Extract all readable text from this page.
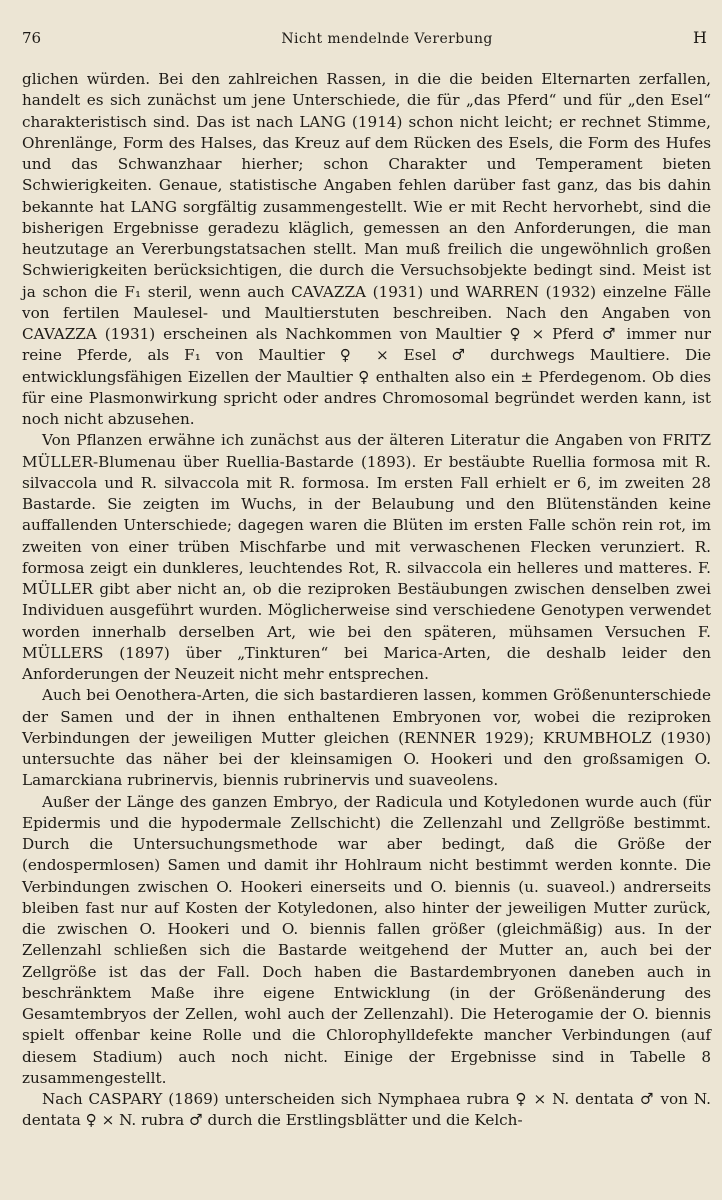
76	Nicht mendelnde Vererbung	H

glichen würden. Bei den zahlreichen Rassen, in die die beiden Elternarten zerfallen, handelt es sich zunächst um jene Unterschiede, die für „das Pferd“ und für „den Esel“ charakteristisch sind. Das ist nach LANG (1914) schon nicht leicht; er rechnet Stimme, Ohrenlänge, Form des Halses, das Kreuz auf dem Rücken des Esels, die Form des Hufes und das Schwanzhaar hierher; schon Charakter und Temperament bieten Schwierigkeiten. Genaue, statistische Angaben fehlen darüber fast ganz, das bis dahin bekannte hat LANG sorgfältig zusammengestellt. Wie er mit Recht hervorhebt, sind die bisherigen Ergebnisse geradezu kläglich, gemessen an den Anforderungen, die man heutzutage an Vererbungstatsachen stellt. Man muß freilich die ungewöhnlich großen Schwierigkeiten berücksichtigen, die durch die Versuchsobjekte bedingt sind. Meist ist ja schon die F₁ steril, wenn auch CAVAZZA (1931) und WARREN (1932) einzelne Fälle von fertilen Maulesel- und Maultierstuten beschreiben. Nach den Angaben von CAVAZZA (1931) erscheinen als Nachkommen von Maultier ♀ × Pferd ♂ immer nur reine Pferde, als F₁ von Maultier ♀ × Esel ♂ durchwegs Maultiere. Die entwicklungsfähigen Eizellen der Maultier ♀ enthalten also ein ± Pferdegenom. Ob dies für eine Plasmonwirkung spricht oder andres Chromosomal begründet werden kann, ist noch nicht abzusehen.

Von Pflanzen erwähne ich zunächst aus der älteren Literatur die Angaben von FRITZ MÜLLER-Blumenau über Ruellia-Bastarde (1893). Er bestäubte Ruellia formosa mit R. silvaccola und R. silvaccola mit R. formosa. Im ersten Fall erhielt er 6, im zweiten 28 Bastarde. Sie zeigten im Wuchs, in der Belaubung und den Blütenständen keine auffallenden Unterschiede; dagegen waren die Blüten im ersten Falle schön rein rot, im zweiten von einer trüben Mischfarbe und mit verwaschenen Flecken verunziert. R. formosa zeigt ein dunkleres, leuchtendes Rot, R. silvaccola ein helleres und matteres. F. MÜLLER gibt aber nicht an, ob die reziproken Bestäubungen zwischen denselben zwei Individuen ausgeführt wurden. Möglicherweise sind verschiedene Genotypen verwendet worden innerhalb derselben Art, wie bei den späteren, mühsamen Versuchen F. MÜLLERS (1897) über „Tinkturen“ bei Marica-Arten, die deshalb leider den Anforderungen der Neuzeit nicht mehr entsprechen.

Auch bei Oenothera-Arten, die sich bastardieren lassen, kommen Größenunterschiede der Samen und der in ihnen enthaltenen Embryonen vor, wobei die reziproken Verbindungen der jeweiligen Mutter gleichen (RENNER 1929); KRUMBHOLZ (1930) untersuchte das näher bei der kleinsamigen O. Hookeri und den großsamigen O. Lamarckiana rubrinervis, biennis rubrinervis und suaveolens.

Außer der Länge des ganzen Embryo, der Radicula und Kotyledonen wurde auch (für Epidermis und die hypodermale Zellschicht) die Zellenzahl und Zellgröße bestimmt. Durch die Untersuchungsmethode war aber bedingt, daß die Größe der (endospermlosen) Samen und damit ihr Hohlraum nicht bestimmt werden konnte. Die Verbindungen zwischen O. Hookeri einerseits und O. biennis (u. suaveol.) andrerseits bleiben fast nur auf Kosten der Kotyledonen, also hinter der jeweiligen Mutter zurück, die zwischen O. Hookeri und O. biennis fallen größer (gleichmäßig) aus. In der Zellenzahl schließen sich die Bastarde weitgehend der Mutter an, auch bei der Zellgröße ist das der Fall. Doch haben die Bastardembryonen daneben auch in beschränktem Maße ihre eigene Entwicklung (in der Größenänderung des Gesamtembryos der Zellen, wohl auch der Zellenzahl). Die Heterogamie der O. biennis spielt offenbar keine Rolle und die Chlorophylldefekte mancher Verbindungen (auf diesem Stadium) auch noch nicht. Einige der Ergebnisse sind in Tabelle 8 zusammengestellt.

Nach CASPARY (1869) unterscheiden sich Nymphaea rubra ♀ × N. dentata ♂ von N. dentata ♀ × N. rubra ♂ durch die Erstlingsblätter und die Kelch-
